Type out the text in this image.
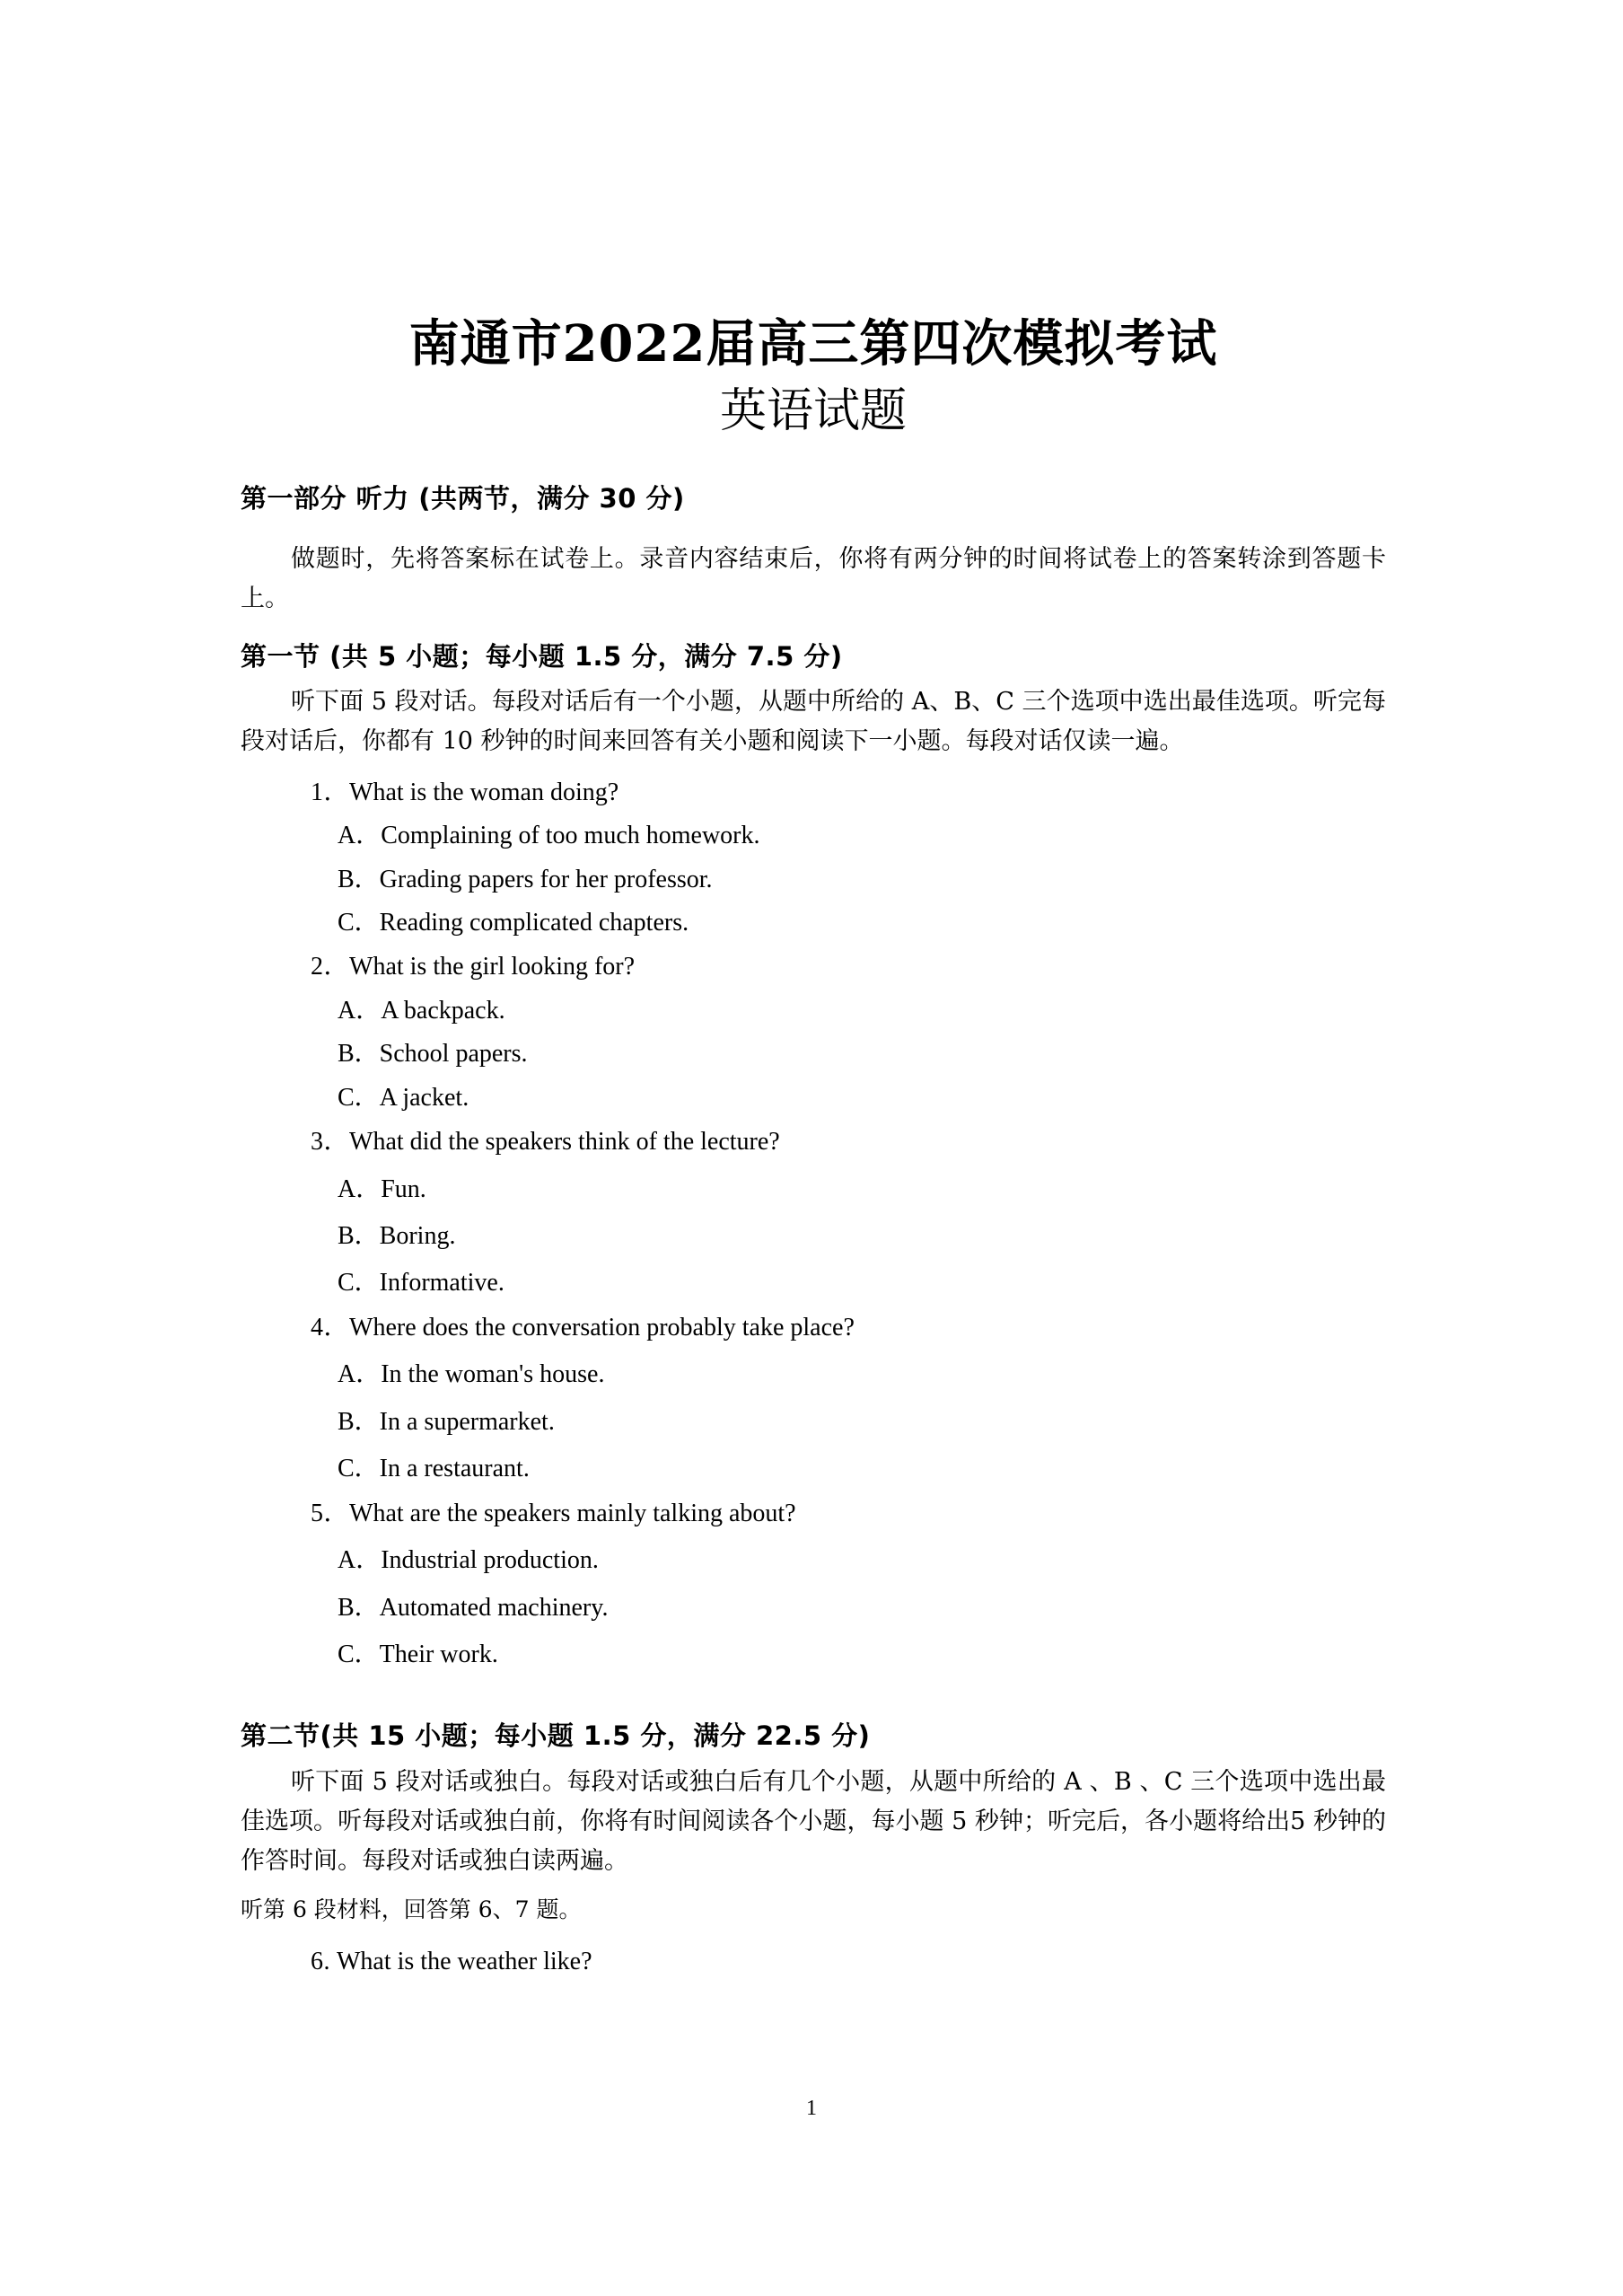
南通市2022届高三第四次模拟考试
英语试题
第一部分 听力 (共两节，满分 30 分)
做题时，先将答案标在试卷上。录音内容结束后，你将有两分钟的时间将试卷上的答案转涂到答题卡上。
第一节 (共 5 小题；每小题 1.5 分，满分 7.5 分)
听下面 5 段对话。每段对话后有一个小题，从题中所给的 A、B、C 三个选项中选出最佳选项。听完每段对话后，你都有 10 秒钟的时间来回答有关小题和阅读下一小题。每段对话仅读一遍。
1．What is the woman doing?
A．Complaining of too much homework.
B．Grading papers for her professor.
C．Reading complicated chapters.
2．What is the girl looking for?
A．A backpack.
B．School papers.
C．A jacket.
3．What did the speakers think of the lecture?
A．Fun.
B．Boring.
C．Informative.
4．Where does the conversation probably take place?
A．In the woman's house.
B．In a supermarket.
C．In a restaurant.
5．What are the speakers mainly talking about?
A．Industrial production.
B．Automated machinery.
C．Their work.
第二节(共 15 小题；每小题 1.5 分，满分 22.5 分)
听下面 5 段对话或独白。每段对话或独白后有几个小题，从题中所给的 A 、B 、C 三个选项中选出最佳选项。听每段对话或独白前，你将有时间阅读各个小题，每小题 5 秒钟；听完后，各小题将给出5 秒钟的作答时间。每段对话或独白读两遍。
听第 6 段材料，回答第 6、7 题。
6. What is the weather like?
1
